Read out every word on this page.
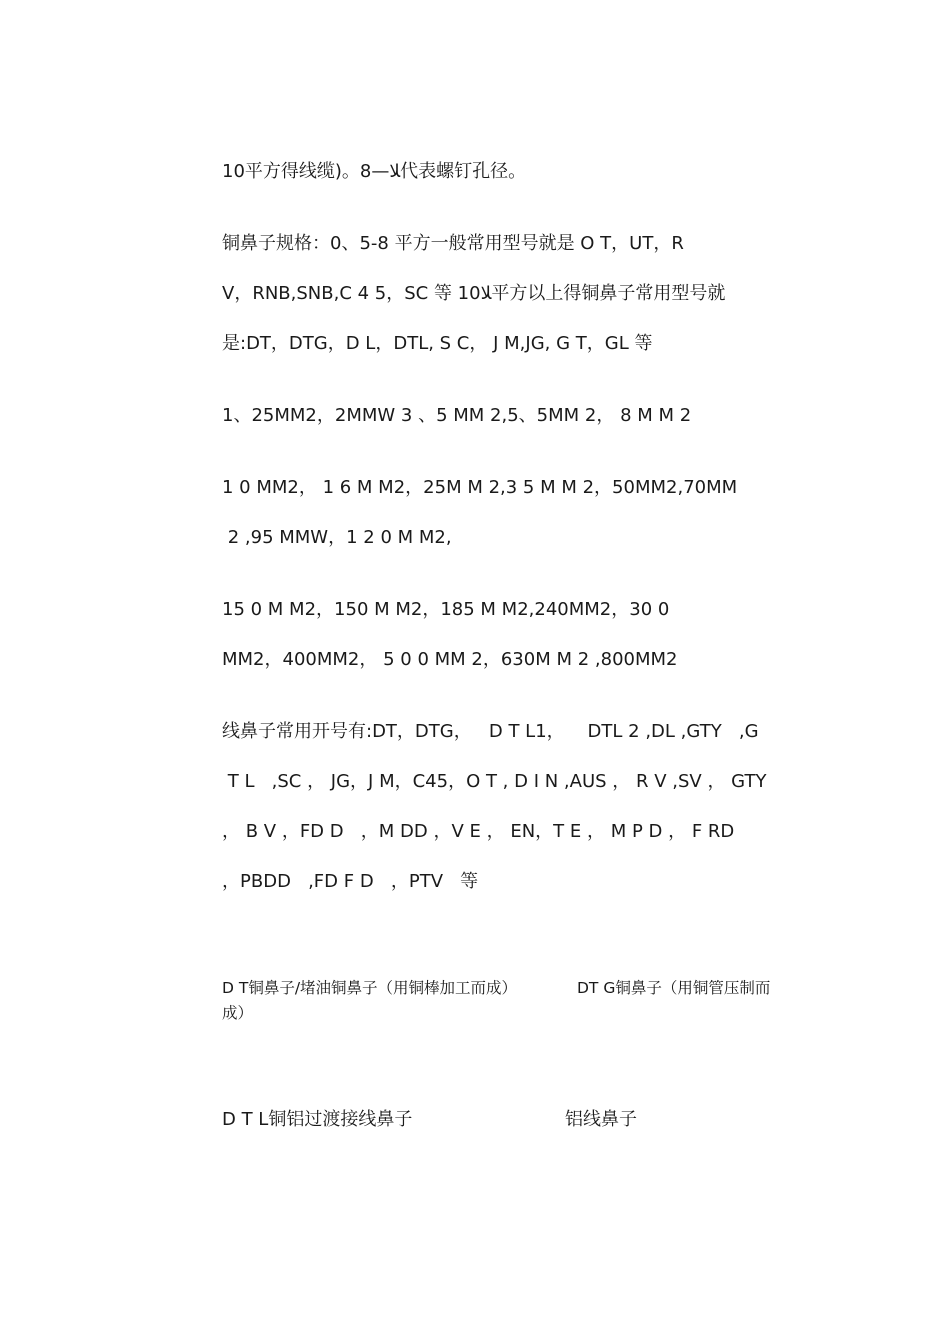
10平方得线缆)。8—﻿ﻼ代表螺钉孔径。
铜鼻子规格：0、5-8 平方一般常用型号就是 O T，UT，R
V，RNB,SNB,C 4 5，SC 等 10ﻼ平方以上得铜鼻子常用型号就
是:DT，DTG，D L，DTL, S C， J M,JG, G T，GL 等
1、25MM2，2MMW 3 、5 MM 2,5、5MM 2， 8 M M 2
1 0 MM2， 1 6 M M2，25M M 2,3 5 M M 2，50MM2,70MM
2 ,95 MMW，1 2 0 M M2,
15 0 M M2，150 M M2，185 M M2,240MM2，30 0
MM2，400MM2， 5 0 0 MM 2，630M M 2 ,800MM2
线鼻子常用开号有:DT，DTG，   D T L1，    DTL 2 ,DL ,GTY   ,G
T L   ,SC ， JG，J M，C45，O T , D I N ,AUS ， R V ,SV ， GTY
， B V ，FD D   ，M DD ，V E ， EN，T E ， M P D ， F RD
，PBDD   ,FD F D   ，PTV   等
D T铜鼻子/堵油铜鼻子（用铜棒加工而成）	DT G铜鼻子（用铜管压制而
成）
D T L铜铝过渡接线鼻子	铝线鼻子
